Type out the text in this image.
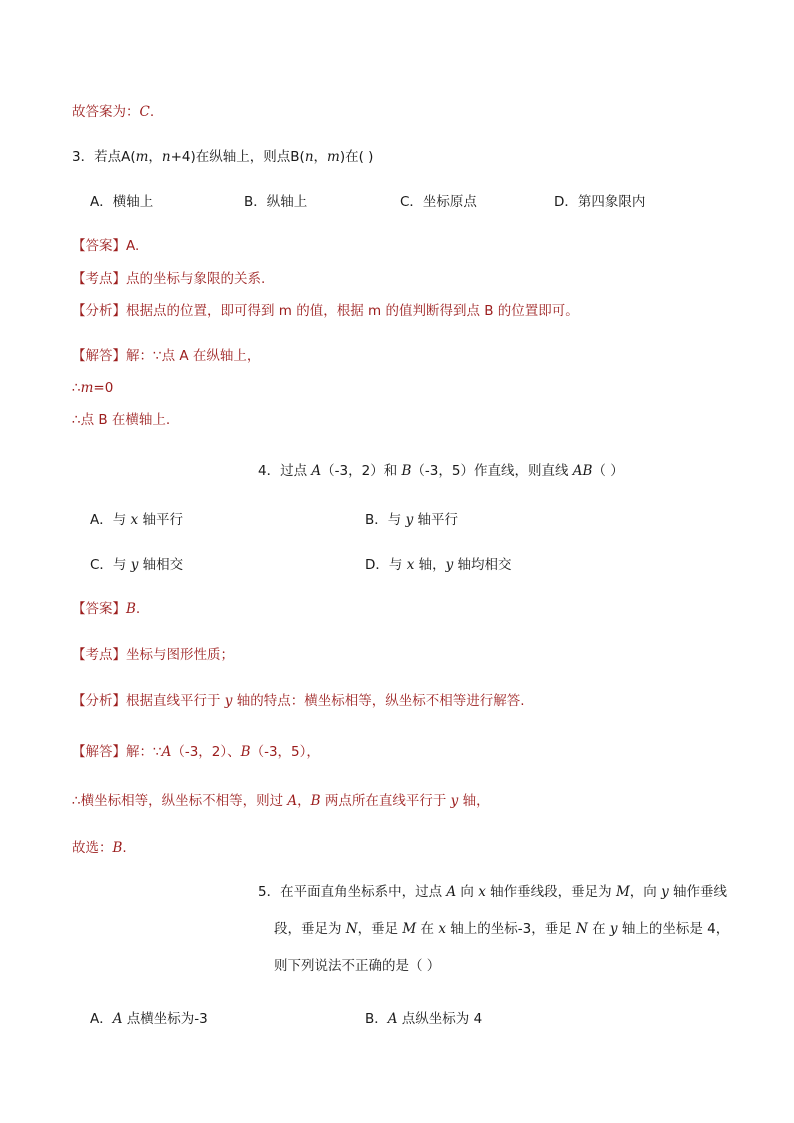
故答案为：C.
3．若点A(m，n+4)在纵轴上，则点B(n，m)在( )
A．横轴上	B．纵轴上	C．坐标原点	D．第四象限内
【答案】A.
【考点】点的坐标与象限的关系.
【分析】根据点的位置，即可得到 m 的值，根据 m 的值判断得到点 B 的位置即可。
【解答】解：∵点 A 在纵轴上，
∴m=0
∴点 B 在横轴上.
4．过点 A（-3，2）和 B（-3，5）作直线，则直线 AB（ ）
A．与 x 轴平行	B．与 y 轴平行
C．与 y 轴相交	D．与 x 轴，y 轴均相交
【答案】B.
【考点】坐标与图形性质；
【分析】根据直线平行于 y 轴的特点：横坐标相等，纵坐标不相等进行解答.
【解答】解：∵A（-3，2）、B（-3，5），
∴横坐标相等，纵坐标不相等，则过 A，B 两点所在直线平行于 y 轴，
故选：B.
5．在平面直角坐标系中，过点 A 向 x 轴作垂线段，垂足为 M，向 y 轴作垂线
段，垂足为 N，垂足 M 在 x 轴上的坐标-3，垂足 N 在 y 轴上的坐标是 4，
则下列说法不正确的是（ ）
A．A 点横坐标为-3	B．A 点纵坐标为 4
